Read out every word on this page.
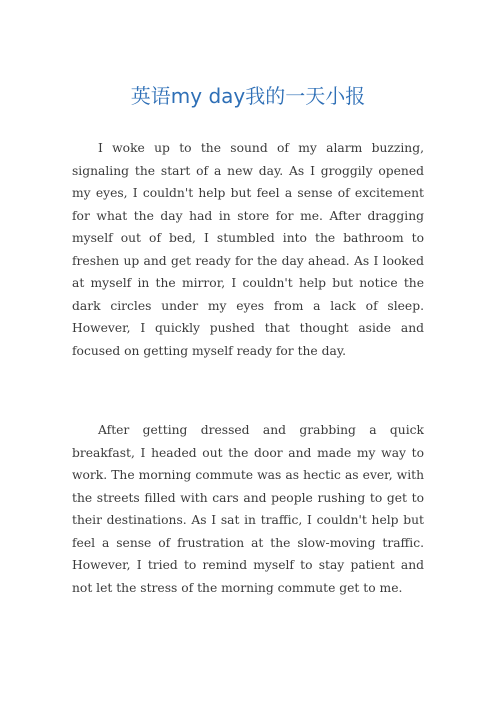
英语my day我的一天小报

I woke up to the sound of my alarm buzzing, signaling the start of a new day. As I groggily opened my eyes, I couldn't help but feel a sense of excitement for what the day had in store for me. After dragging myself out of bed, I stumbled into the bathroom to freshen up and get ready for the day ahead. As I looked at myself in the mirror, I couldn't help but notice the dark circles under my eyes from a lack of sleep. However, I quickly pushed that thought aside and focused on getting myself ready for the day.

After getting dressed and grabbing a quick breakfast, I headed out the door and made my way to work. The morning commute was as hectic as ever, with the streets filled with cars and people rushing to get to their destinations. As I sat in traffic, I couldn't help but feel a sense of frustration at the slow-moving traffic. However, I tried to remind myself to stay patient and not let the stress of the morning commute get to me.
